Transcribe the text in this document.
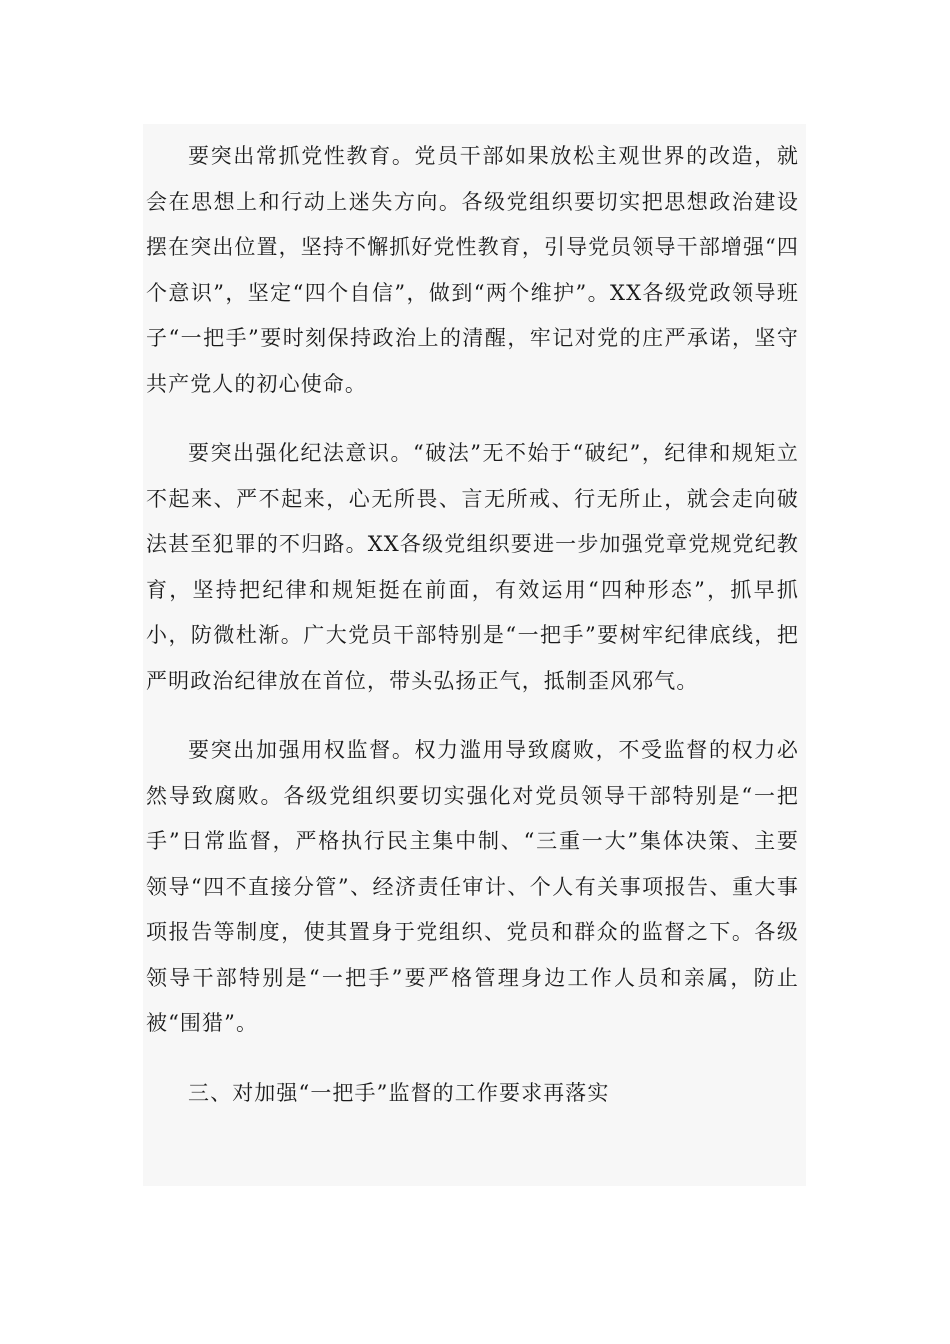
要突出常抓党性教育。党员干部如果放松主观世界的改造，就会在思想上和行动上迷失方向。各级党组织要切实把思想政治建设摆在突出位置，坚持不懈抓好党性教育，引导党员领导干部增强“四个意识”，坚定“四个自信”，做到“两个维护”。XX各级党政领导班子“一把手”要时刻保持政治上的清醒，牢记对党的庄严承诺，坚守共产党人的初心使命。

要突出强化纪法意识。“破法”无不始于“破纪”，纪律和规矩立不起来、严不起来，心无所畏、言无所戒、行无所止，就会走向破法甚至犯罪的不归路。XX各级党组织要进一步加强党章党规党纪教育，坚持把纪律和规矩挺在前面，有效运用“四种形态”，抓早抓小，防微杜渐。广大党员干部特别是“一把手”要树牢纪律底线，把严明政治纪律放在首位，带头弘扬正气，抵制歪风邪气。

要突出加强用权监督。权力滥用导致腐败，不受监督的权力必然导致腐败。各级党组织要切实强化对党员领导干部特别是“一把手”日常监督，严格执行民主集中制、“三重一大”集体决策、主要领导“四不直接分管”、经济责任审计、个人有关事项报告、重大事项报告等制度，使其置身于党组织、党员和群众的监督之下。各级领导干部特别是“一把手”要严格管理身边工作人员和亲属，防止被“围猎”。

三、对加强“一把手”监督的工作要求再落实
